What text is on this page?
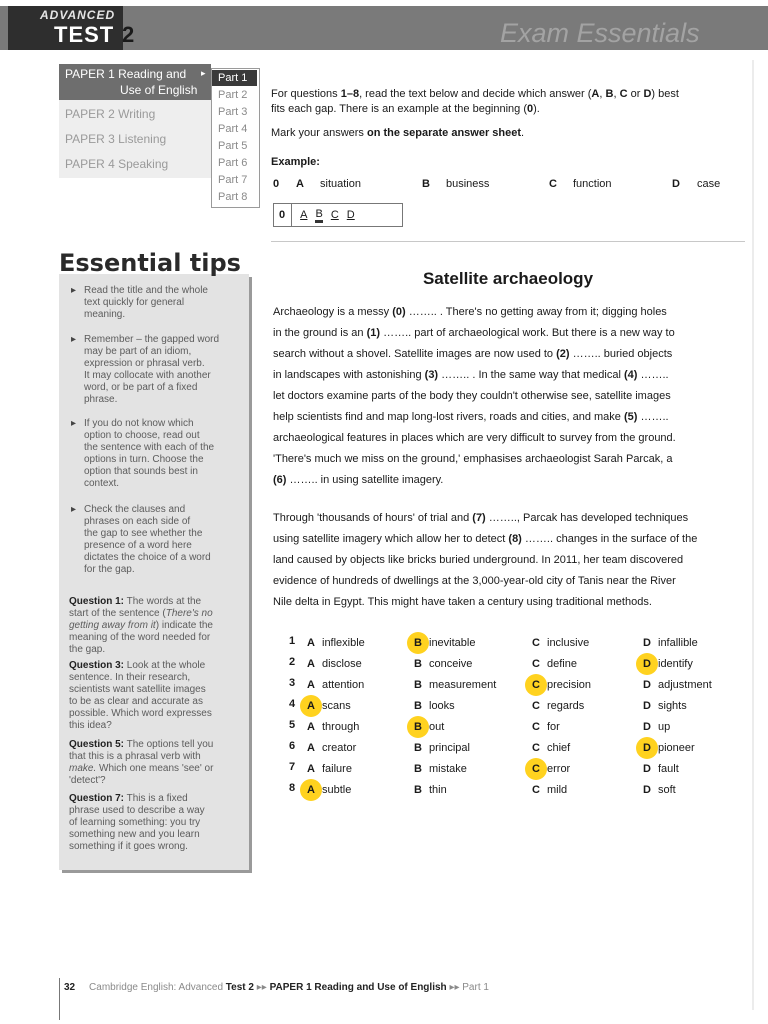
ADVANCED
TEST 2	Exam Essentials
PAPER 1 Reading and
Use of English
▸
PAPER 2 Writing
PAPER 3 Listening
PAPER 4 Speaking
Part 1
Part 2
Part 3
Part 4
Part 5
Part 6
Part 7
Part 8
For questions 1–8, read the text below and decide which answer (A, B, C or D) best
fits each gap. There is an example at the beginning (0).
Mark your answers on the separate answer sheet.
Example:
0 A situation	B business	C function	D case
0 A B C D
▸ Read the title and the whole
text quickly for general
meaning.
▸ Remember – the gapped word
may be part of an idiom,
expression or phrasal verb.
It may collocate with another
word, or be part of a fixed
phrase.
▸ If you do not know which
option to choose, read out
the sentence with each of the
options in turn. Choose the
option that sounds best in
context.
▸ Check the clauses and
phrases on each side of
the gap to see whether the
presence of a word here
dictates the choice of a word
for the gap.
Question 1: The words at the
start of the sentence (There's no
getting away from it) indicate the
meaning of the word needed for
the gap.
Question 3: Look at the whole
sentence. In their research,
scientists want satellite images
to be as clear and accurate as
possible. Which word expresses
this idea?
Question 5: The options tell you
that this is a phrasal verb with
make. Which one means 'see' or
'detect'?
Question 7: This is a fixed
phrase used to describe a way
of learning something: you try
something new and you learn
something if it goes wrong.
Essential tips
Satellite archaeology
Archaeology is a messy (0) …….. . There's no getting away from it; digging holes
in the ground is an (1) …….. part of archaeological work. But there is a new way to
search without a shovel. Satellite images are now used to (2) …….. buried objects
in landscapes with astonishing (3) …….. . In the same way that medical (4) ……..
let doctors examine parts of the body they couldn't otherwise see, satellite images
help scientists find and map long-lost rivers, roads and cities, and make (5) ……..
archaeological features in places which are very difficult to survey from the ground.
'There's much we miss on the ground,' emphasises archaeologist Sarah Parcak, a
(6) …….. in using satellite imagery.
Through 'thousands of hours' of trial and (7) …….., Parcak has developed techniques
using satellite imagery which allow her to detect (8) …….. changes in the surface of the
land caused by objects like bricks buried underground. In 2011, her team discovered
evidence of hundreds of dwellings at the 3,000-year-old city of Tanis near the River
Nile delta in Egypt. This might have taken a century using traditional methods.
1 A inflexible	B inevitable	C inclusive	D infallible
2 A disclose	B conceive	C define	D identify
3 A attention	B measurement	C precision	D adjustment
4 A scans	B looks	C regards	D sights
5 A through	B out	C for	D up
6 A creator	B principal	C chief	D pioneer
7 A failure	B mistake	C error	D fault
8 A subtle	B thin	C mild	D soft
32 Cambridge English: Advanced Test 2 ▸▸ PAPER 1 Reading and Use of English ▸▸ Part 1
